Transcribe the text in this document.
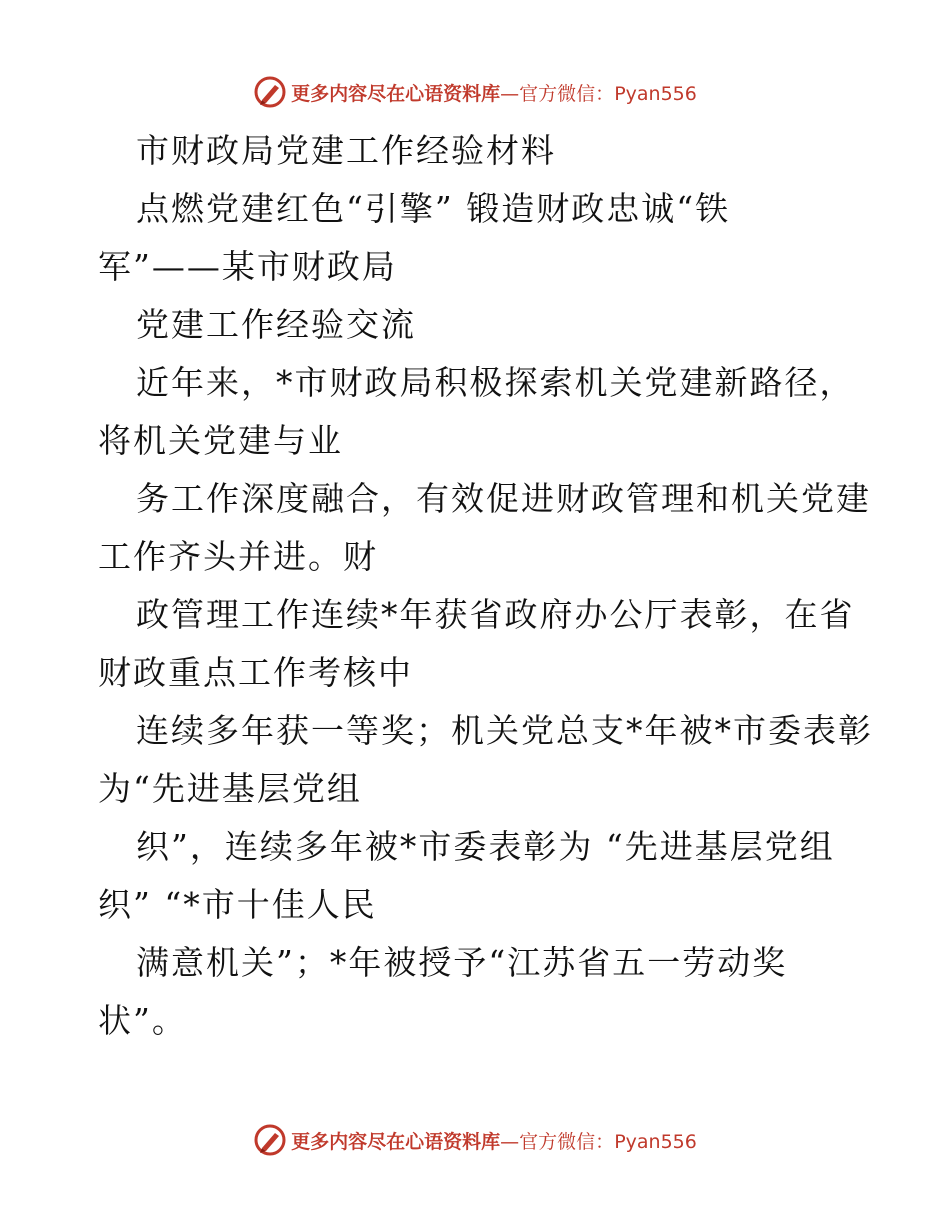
更多内容尽在心语资料库—官方微信：Pyan556
市财政局党建工作经验材料
点燃党建红色“引擎” 锻造财政忠诚“铁
军”——某市财政局
党建工作经验交流
近年来，*市财政局积极探索机关党建新路径，
将机关党建与业
务工作深度融合，有效促进财政管理和机关党建
工作齐头并进。财
政管理工作连续*年获省政府办公厅表彰，在省
财政重点工作考核中
连续多年获一等奖；机关党总支*年被*市委表彰
为“先进基层党组
织”，连续多年被*市委表彰为 “先进基层党组
织” “*市十佳人民
满意机关”；*年被授予“江苏省五一劳动奖
状”。
更多内容尽在心语资料库—官方微信：Pyan556
